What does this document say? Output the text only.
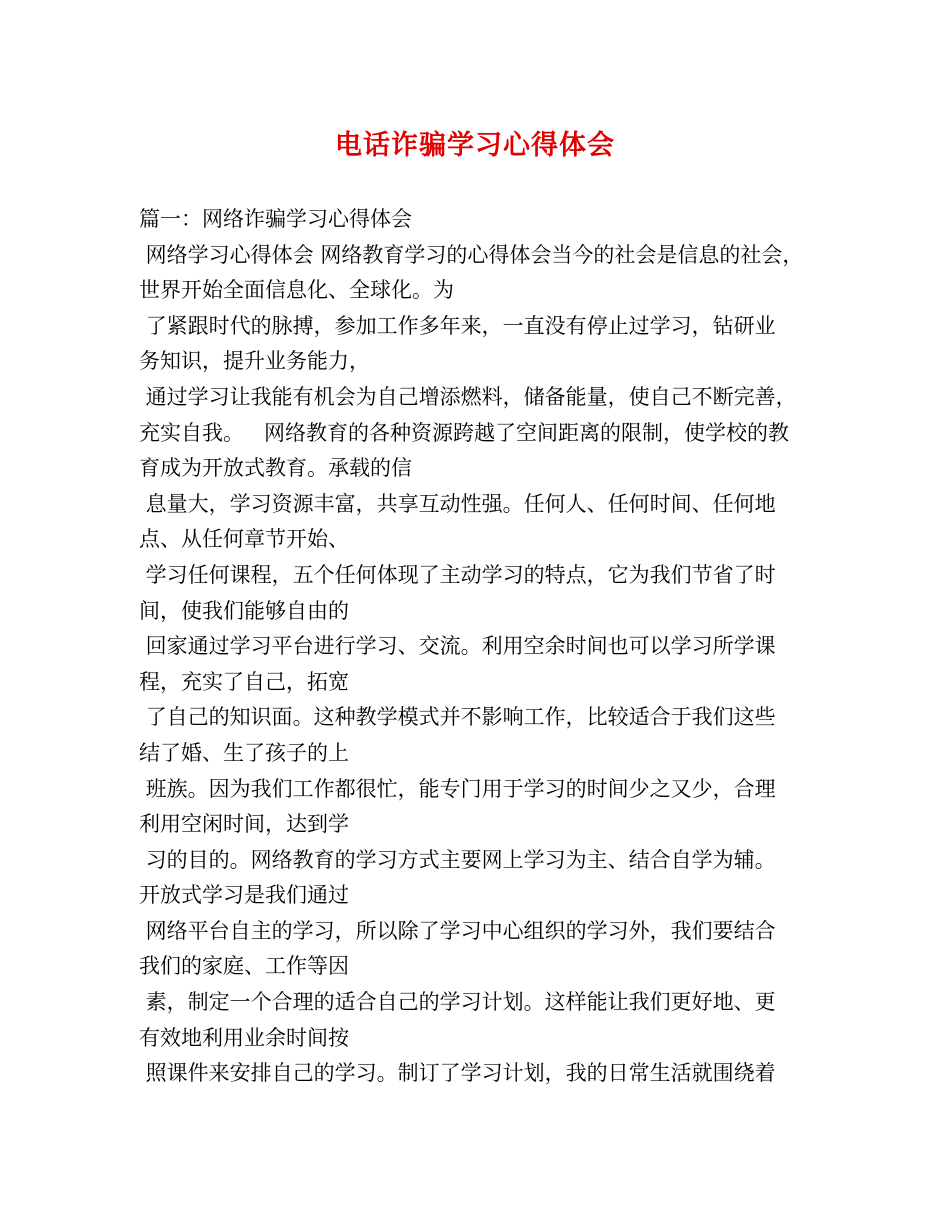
电话诈骗学习心得体会
篇一：网络诈骗学习心得体会
网络学习心得体会 网络教育学习的心得体会当今的社会是信息的社会，
世界开始全面信息化、全球化。为
了紧跟时代的脉搏，参加工作多年来，一直没有停止过学习，钻研业
务知识，提升业务能力，
通过学习让我能有机会为自己增添燃料，储备能量，使自己不断完善，
充实自我。   网络教育的各种资源跨越了空间距离的限制，使学校的教
育成为开放式教育。承载的信
息量大，学习资源丰富，共享互动性强。任何人、任何时间、任何地
点、从任何章节开始、
学习任何课程，五个任何体现了主动学习的特点，它为我们节省了时
间，使我们能够自由的
回家通过学习平台进行学习、交流。利用空余时间也可以学习所学课
程，充实了自己，拓宽
了自己的知识面。这种教学模式并不影响工作，比较适合于我们这些
结了婚、生了孩子的上
班族。因为我们工作都很忙，能专门用于学习的时间少之又少，合理
利用空闲时间，达到学
习的目的。网络教育的学习方式主要网上学习为主、结合自学为辅。
开放式学习是我们通过
网络平台自主的学习，所以除了学习中心组织的学习外，我们要结合
我们的家庭、工作等因
素，制定一个合理的适合自己的学习计划。这样能让我们更好地、更
有效地利用业余时间按
照课件来安排自己的学习。制订了学习计划，我的日常生活就围绕着
